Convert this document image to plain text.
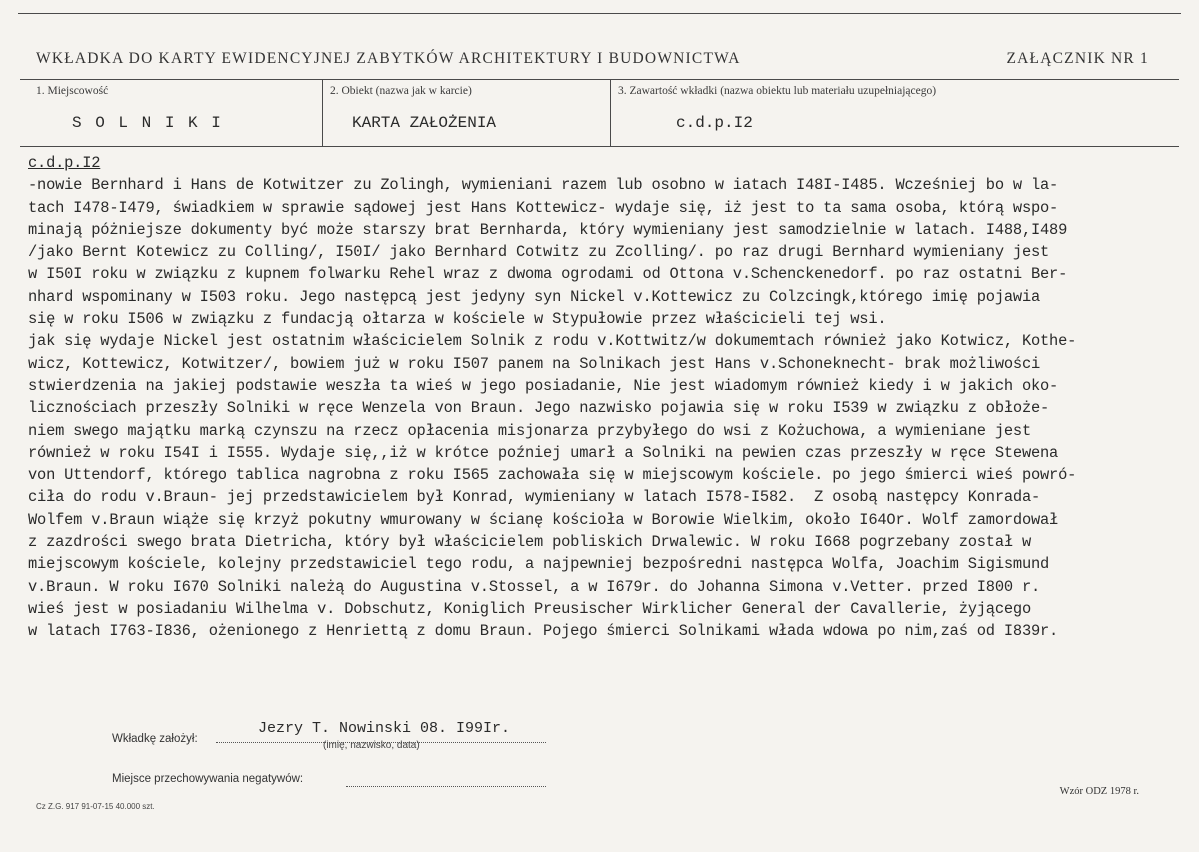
WKŁADKA DO KARTY EWIDENCYJNEJ ZABYTKÓW ARCHITEKTURY I BUDOWNICTWA	ZAŁĄCZNIK NR 1
1. Miejscowość
S O L N I K I
2. Obiekt (nazwa jak w karcie)
KARTA ZAŁOŻENIA
3. Zawartość wkładki (nazwa obiektu lub materiału uzupełniającego)
c.d.p.I2
c.d.p.I2
-nowie Bernhard i Hans de Kotwitzer zu Zolingh, wymieniani razem lub osobno w iatach I48I-I485. Wcześniej bo w la-
tach I478-I479, świadkiem w sprawie sądowej jest Hans Kottewicz- wydaje się, iż jest to ta sama osoba, którą wspo-
minają póżniejsze dokumenty być może starszy brat Bernharda, który wymieniany jest samodzielnie w latach. I488,I489
/jako Bernt Kotewicz zu Colling/, I50I/ jako Bernhard Cotwitz zu Zcolling/. po raz drugi Bernhard wymieniany jest
w I50I roku w związku z kupnem folwarku Rehel wraz z dwoma ogrodami od Ottona v.Schenckenedorf. po raz ostatni Ber-
nhard wspominany w I503 roku. Jego następcą jest jedyny syn Nickel v.Kottewicz zu Colzcingk,którego imię pojawia
się w roku I506 w związku z fundacją ołtarza w kościele w Stypułowie przez właścicieli tej wsi.
jak się wydaje Nickel jest ostatnim właścicielem Solnik z rodu v.Kottwitz/w dokumemtach również jako Kotwicz, Kothe-
wicz, Kottewicz, Kotwitzer/, bowiem już w roku I507 panem na Solnikach jest Hans v.Schoneknecht- brak możliwości
stwierdzenia na jakiej podstawie weszła ta wieś w jego posiadanie, Nie jest wiadomym również kiedy i w jakich oko-
licznościach przeszły Solniki w ręce Wenzela von Braun. Jego nazwisko pojawia się w roku I539 w związku z obłoże-
niem swego majątku marką czynszu na rzecz opłacenia misjonarza przybyłego do wsi z Kożuchowa, a wymieniane jest
również w roku I54I i I555. Wydaje się,,iż w krótce poźniej umarł a Solniki na pewien czas przeszły w ręce Stewena
von Uttendorf, którego tablica nagrobna z roku I565 zachowała się w miejscowym kościele. po jego śmierci wieś powró-
ciła do rodu v.Braun- jej przedstawicielem był Konrad, wymieniany w latach I578-I582.  Z osobą następcy Konrada-
Wolfem v.Braun wiąże się krzyż pokutny wmurowany w ścianę kościoła w Borowie Wielkim, około I64Or. Wolf zamordował
z zazdrości swego brata Dietricha, który był właścicielem pobliskich Drwalewic. W roku I668 pogrzebany został w
miejscowym kościele, kolejny przedstawiciel tego rodu, a najpewniej bezpośredni następca Wolfa, Joachim Sigismund
v.Braun. W roku I670 Solniki należą do Augustina v.Stossel, a w I679r. do Johanna Simona v.Vetter. przed I800 r.
wieś jest w posiadaniu Wilhelma v. Dobschutz, Koniglich Preusischer Wirklicher General der Cavallerie, żyjącego
w latach I763-I836, ożenionego z Henriettą z domu Braun. Pojego śmierci Solnikami włada wdowa po nim,zaś od I839r.
Wkładkę założył:
Jezry T. Nowinski 08. I99Ir.
(imię, nazwisko, data)
Miejsce przechowywania negatywów:
Cz Z.G. 917 91-07-15 40.000 szt.
Wzór ODZ 1978 r.
